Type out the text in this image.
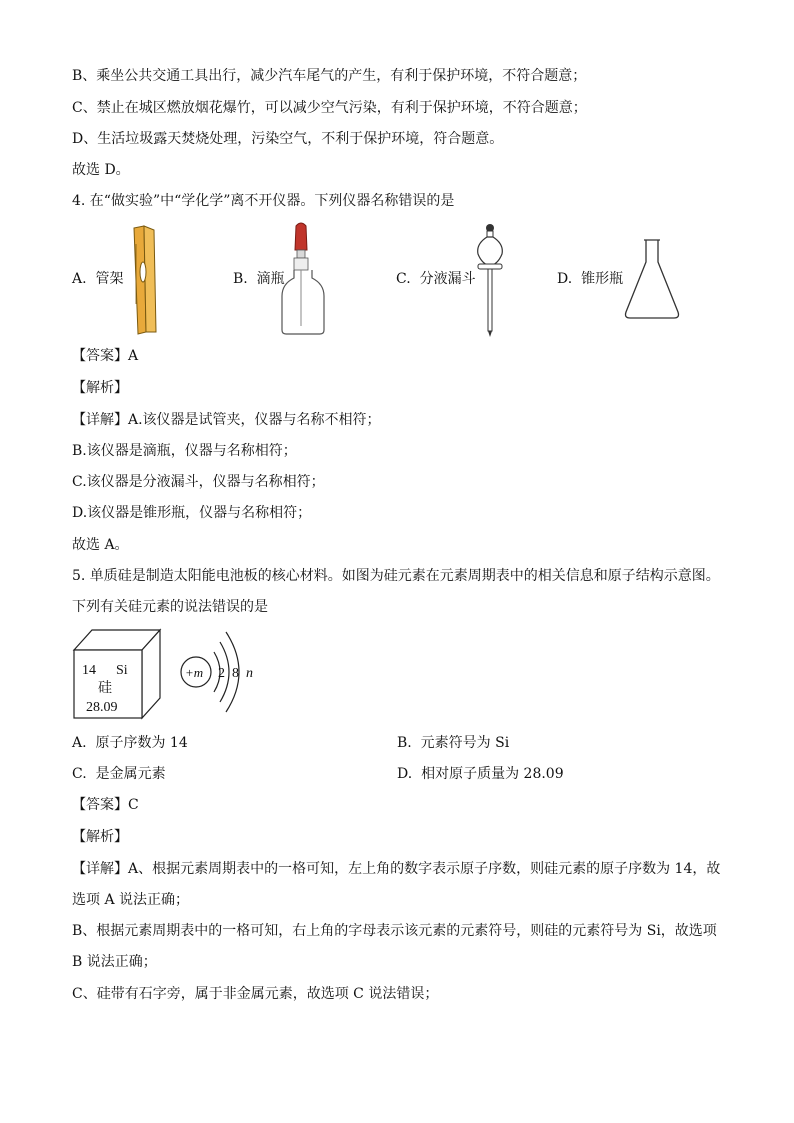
B、乘坐公共交通工具出行，减少汽车尾气的产生，有利于保护环境，不符合题意；
C、禁止在城区燃放烟花爆竹，可以减少空气污染，有利于保护环境，不符合题意；
D、生活垃圾露天焚烧处理，污染空气，不利于保护环境，符合题意。
故选 D。
4. 在“做实验”中“学化学”离不开仪器。下列仪器名称错误的是
A. 管架	B. 滴瓶	C. 分液漏斗	D. 锥形瓶
【答案】A
【解析】
【详解】A.该仪器是试管夹，仪器与名称不相符；
B.该仪器是滴瓶，仪器与名称相符；
C.该仪器是分液漏斗，仪器与名称相符；
D.该仪器是锥形瓶，仪器与名称相符；
故选 A。
5. 单质硅是制造太阳能电池板的核心材料。如图为硅元素在元素周期表中的相关信息和原子结构示意图。
下列有关硅元素的说法错误的是
14 Si
硅
28.09
+m 2 8 n
A. 原子序数为 14	B. 元素符号为 Si
C. 是金属元素	D. 相对原子质量为 28.09
【答案】C
【解析】
【详解】A、根据元素周期表中的一格可知，左上角的数字表示原子序数，则硅元素的原子序数为 14，故
选项 A 说法正确；
B、根据元素周期表中的一格可知，右上角的字母表示该元素的元素符号，则硅的元素符号为 Si，故选项
B 说法正确；
C、硅带有石字旁，属于非金属元素，故选项 C 说法错误；
